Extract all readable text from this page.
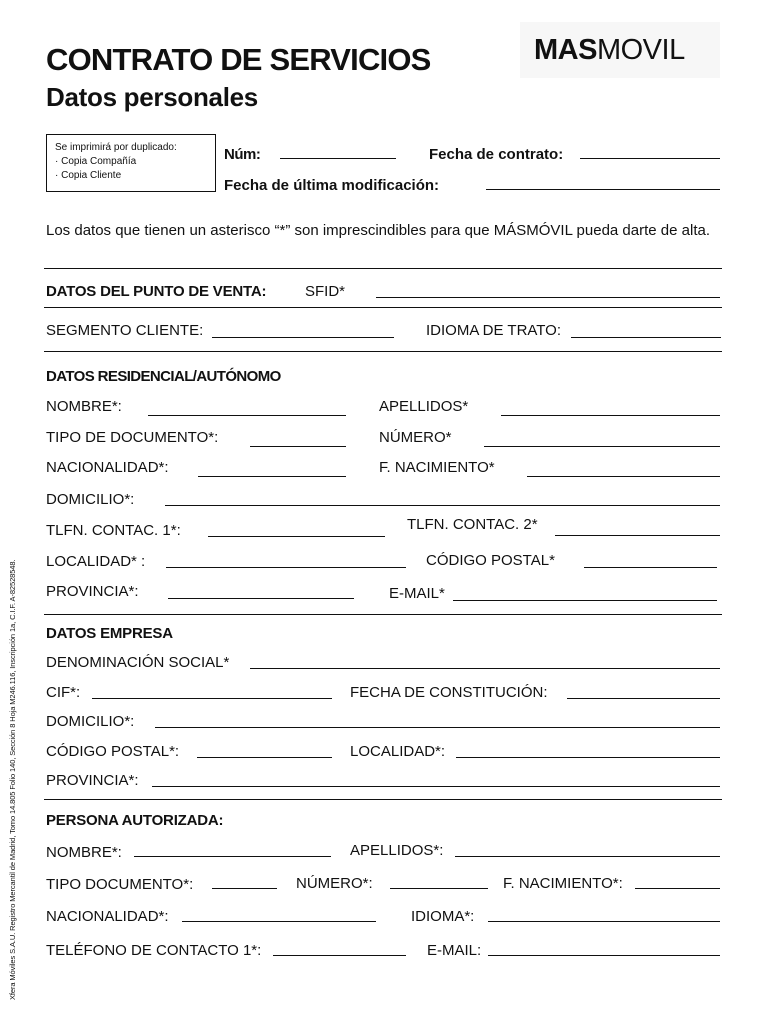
CONTRATO DE SERVICIOS
Datos personales
MASMOVIL
Se imprimirá por duplicado:
· Copia Compañía
· Copia Cliente
Núm:	Fecha de contrato:
Fecha de última modificación:
Los datos que tienen un asterisco “*” son imprescindibles para que MÁSMÓVIL pueda darte de alta.
DATOS DEL PUNTO DE VENTA:	SFID*
SEGMENTO CLIENTE:	IDIOMA DE TRATO:
DATOS RESIDENCIAL/AUTÓNOMO
NOMBRE*:	APELLIDOS*
TIPO DE DOCUMENTO*:	NÚMERO*
NACIONALIDAD*:	F. NACIMIENTO*
DOMICILIO*:
TLFN. CONTAC. 1*:	TLFN. CONTAC. 2*
LOCALIDAD* :	CÓDIGO POSTAL*
PROVINCIA*:	E-MAIL*
DATOS EMPRESA
DENOMINACIÓN SOCIAL*
CIF*:	FECHA DE CONSTITUCIÓN:
DOMICILIO*:
CÓDIGO POSTAL*:	LOCALIDAD*:
PROVINCIA*:
PERSONA AUTORIZADA:
NOMBRE*:	APELLIDOS*:
TIPO DOCUMENTO*:	NÚMERO*:	F. NACIMIENTO*:
NACIONALIDAD*:	IDIOMA*:
TELÉFONO DE CONTACTO 1*:	E-MAIL:
Xfera Móviles S.A.U. Registro Mercantil de Madrid, Tomo 14.805 Folio 140, Sección 8 Hoja M246.116, Inscripción 1a, C.I.F. A-82528548.
